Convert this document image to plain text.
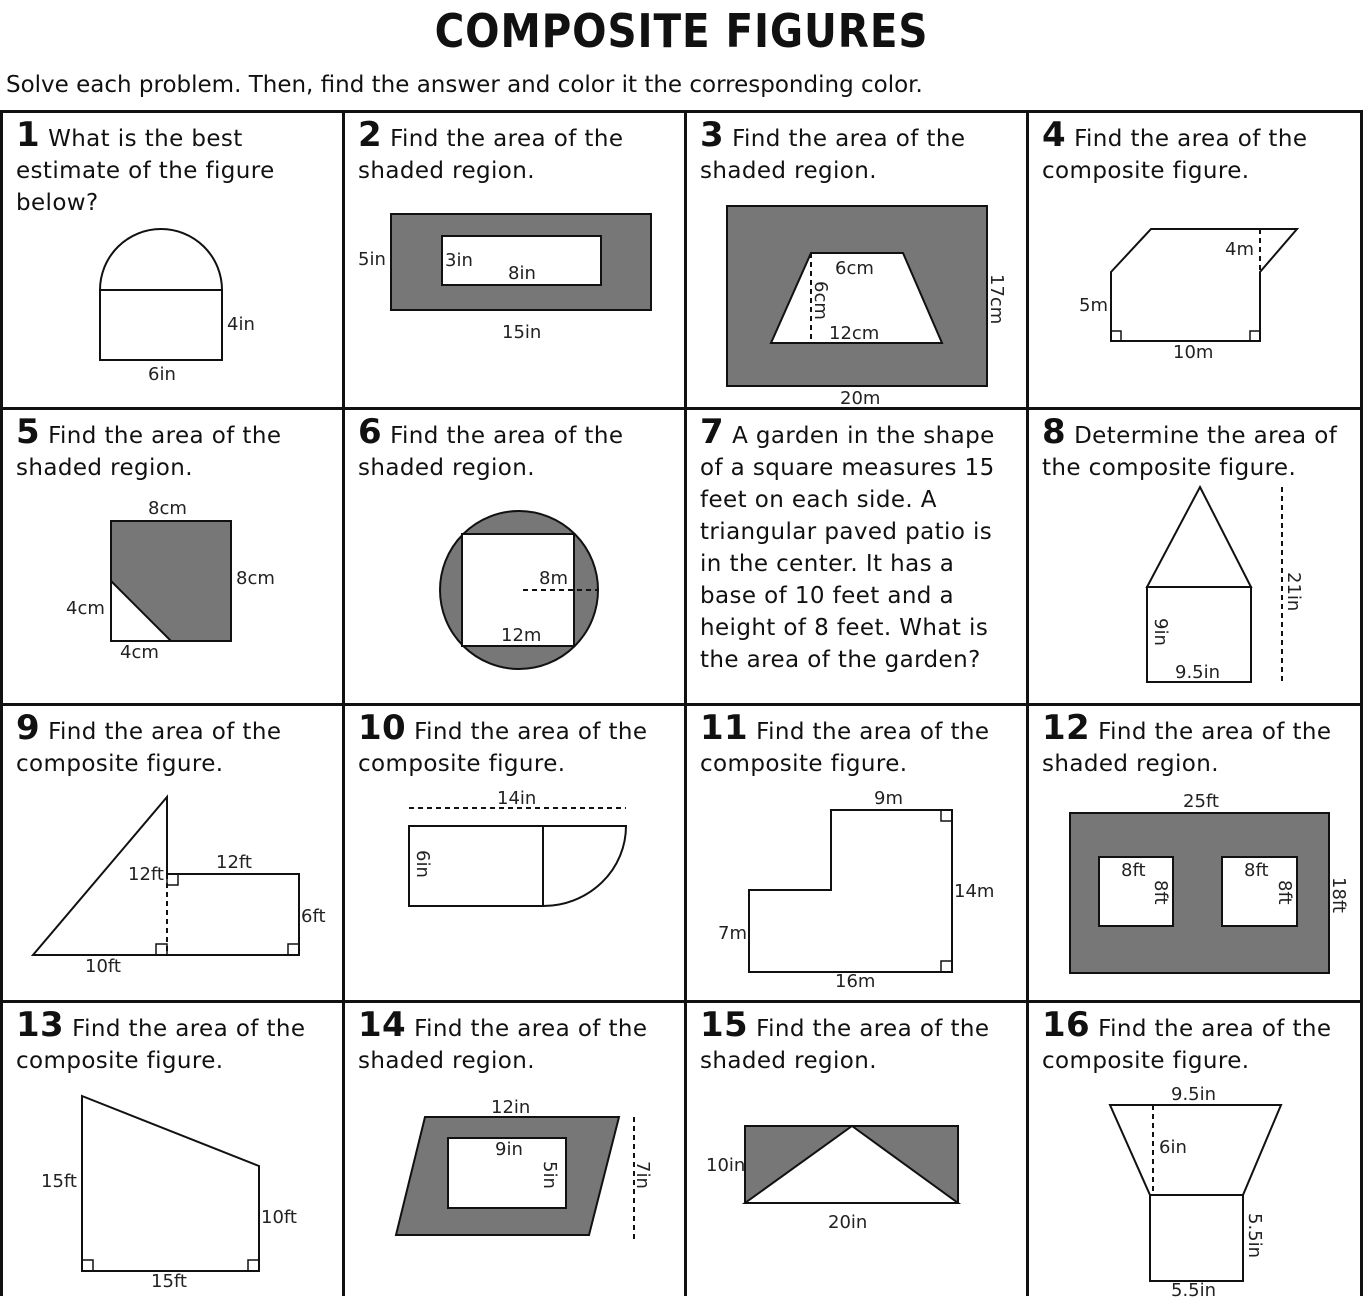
COMPOSITE FIGURES
Solve each problem. Then, find the answer and color it the corresponding color.
1 What is the best estimate of the figure below?
4in
6in
2 Find the area of the shaded region.
5in	3in
8in
15in
3 Find the area of the shaded region.
6cm
6cm
12cm
17cm
20m
4 Find the area of the composite figure.
4m
5m
10m
5 Find the area of the shaded region.
8cm
8cm
4cm
4cm
6 Find the area of the shaded region.
8m
12m
7 A garden in the shape of a square measures 15 feet on each side. A triangular paved patio is in the center. It has a base of 10 feet and a height of 8 feet. What is the area of the garden?
8 Determine the area of the composite figure.
21in
9in
9.5in
9 Find the area of the composite figure.
12ft
12ft
6ft
10ft
10 Find the area of the composite figure.
14in
6in
11 Find the area of the composite figure.
9m
14m
7m
16m
12 Find the area of the shaded region.
25ft
18ft
8ft
8ft
8ft
8ft
13 Find the area of the composite figure.
15ft
10ft
15ft
14 Find the area of the shaded region.
12in
9in
5in	7in
15 Find the area of the shaded region.
10in
20in
16 Find the area of the composite figure.
9.5in
6in
5.5in
5.5in
